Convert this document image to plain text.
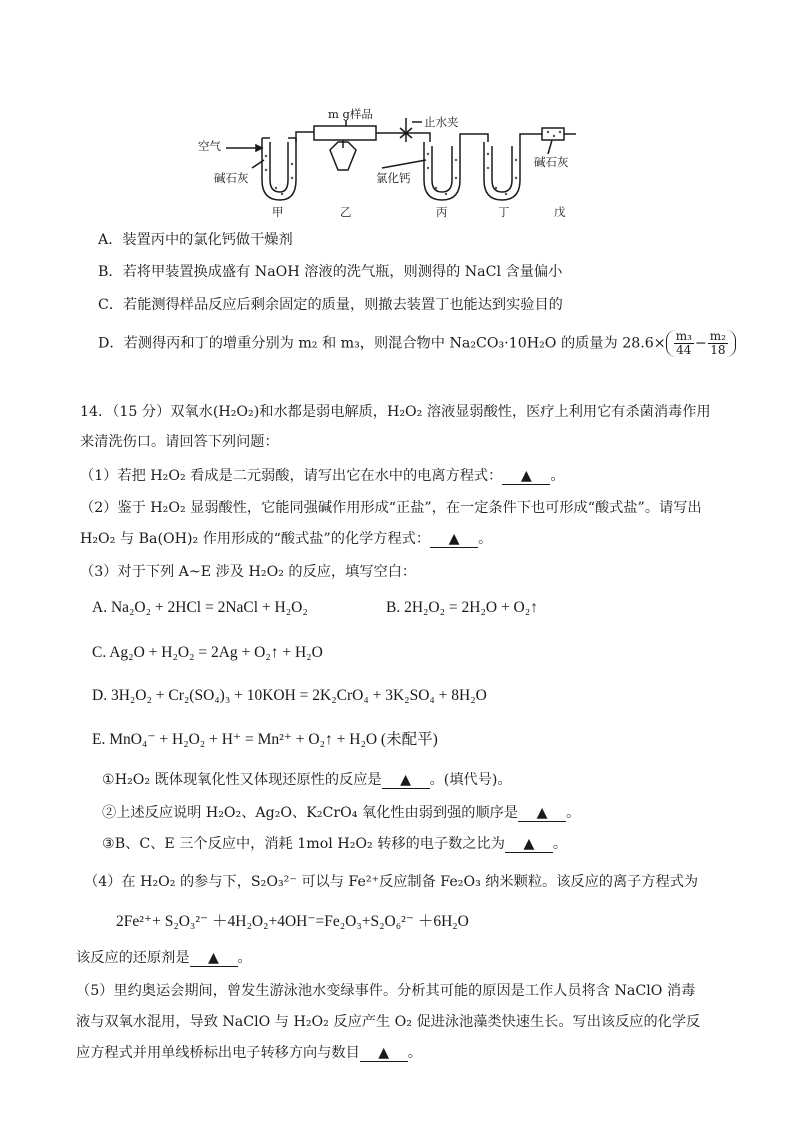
空气
碱石灰
m g样品
止水夹
氯化钙
碱石灰
甲	乙	丙	丁	戊
A．装置丙中的氯化钙做干燥剂
B．若将甲装置换成盛有 NaOH 溶液的洗气瓶，则测得的 NaCl 含量偏小
C．若能测得样品反应后剩余固定的质量，则撤去装置丁也能达到实验目的
D．若测得丙和丁的增重分别为 m₂ 和 m₃，则混合物中 Na₂CO₃·10H₂O 的质量为 $28.6\times \frac{\text{m₃}}{44} - \frac{\text{m₂}}{18}$
14．（15 分）双氧水(H₂O₂)和水都是弱电解质，H₂O₂ 溶液显弱酸性，医疗上利用它有杀菌消毒作用
来清洗伤口。请回答下列问题：
（1）若把 H₂O₂ 看成是二元弱酸，请写出它在水中的电离方程式： ▲ 。
（2）鉴于 H₂O₂ 显弱酸性，它能同强碱作用形成“正盐”，在一定条件下也可形成“酸式盐”。请写出
H₂O₂ 与 Ba(OH)₂ 作用形成的“酸式盐”的化学方程式： ▲ 。
（3）对于下列 A~E 涉及 H₂O₂ 的反应，填写空白：
A. Na₂O₂ + 2HCl = 2NaCl + H₂O₂	B. 2H₂O₂ = 2H₂O + O₂↑
C. Ag₂O + H₂O₂ = 2Ag + O₂↑ + H₂O
D. 3H₂O₂ + Cr₂(SO₄)₃ + 10KOH = 2K₂CrO₄ + 3K₂SO₄ + 8H₂O
E. MnO₄⁻ + H₂O₂ + H⁺ = Mn²⁺ + O₂↑ + H₂O (未配平)
①H₂O₂ 既体现氧化性又体现还原性的反应是 ▲ 。(填代号)。
②上述反应说明 H₂O₂、Ag₂O、K₂CrO₄ 氧化性由弱到强的顺序是 ▲ 。
③B、C、E 三个反应中，消耗 1mol H₂O₂ 转移的电子数之比为 ▲ 。
（4）在 H₂O₂ 的参与下，S₂O₃²⁻ 可以与 Fe²⁺反应制备 Fe₂O₃ 纳米颗粒。该反应的离子方程式为
2Fe²⁺+ S₂O₃²⁻ ＋4H₂O₂+4OH⁻=Fe₂O₃+S₂O₆²⁻ ＋6H₂O
该反应的还原剂是 ▲ 。
（5）里约奥运会期间，曾发生游泳池水变绿事件。分析其可能的原因是工作人员将含 NaClO 消毒
液与双氧水混用，导致 NaClO 与 H₂O₂ 反应产生 O₂ 促进泳池藻类快速生长。写出该反应的化学反
应方程式并用单线桥标出电子转移方向与数目 ▲ 。
